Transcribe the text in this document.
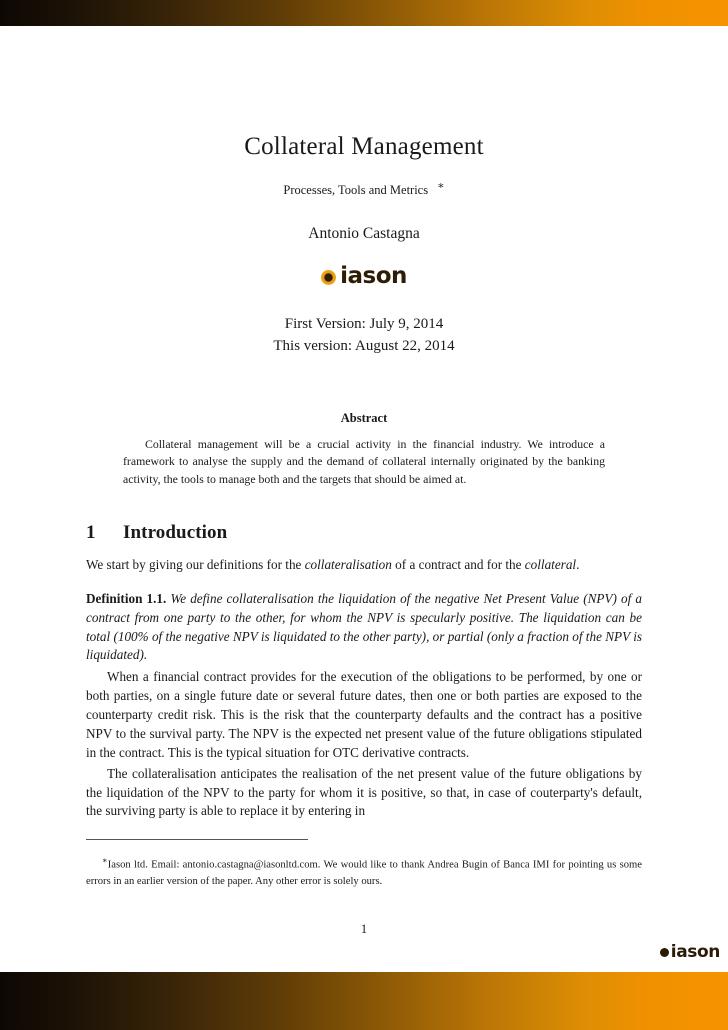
Collateral Management

Processes, Tools and Metrics ∗

Antonio Castagna

iason
First Version: July 9, 2014
This version: August 22, 2014
Abstract

Collateral management will be a crucial activity in the financial industry. We introduce a framework to analyse the supply and the demand of collateral internally originated by the banking activity, the tools to manage both and the targets that should be aimed at.

1	Introduction

We start by giving our definitions for the collateralisation of a contract and for the collateral.

Definition 1.1. We define collateralisation the liquidation of the negative Net Present Value (NPV) of a contract from one party to the other, for whom the NPV is specularly positive. The liquidation can be total (100% of the negative NPV is liquidated to the other party), or partial (only a fraction of the NPV is liquidated).

When a financial contract provides for the execution of the obligations to be performed, by one or both parties, on a single future date or several future dates, then one or both parties are exposed to the counterparty credit risk. This is the risk that the counterparty defaults and the contract has a positive NPV to the survival party. The NPV is the expected net present value of the future obligations stipulated in the contract. This is the typical situation for OTC derivative contracts.

The collateralisation anticipates the realisation of the net present value of the future obligations by the liquidation of the NPV to the party for whom it is positive, so that, in case of couterparty's default, the surviving party is able to replace it by entering in

∗Iason ltd. Email: antonio.castagna@iasonltd.com. We would like to thank Andrea Bugin of Banca IMI for pointing us some errors in an earlier version of the paper. Any other error is solely ours.

1
iason
